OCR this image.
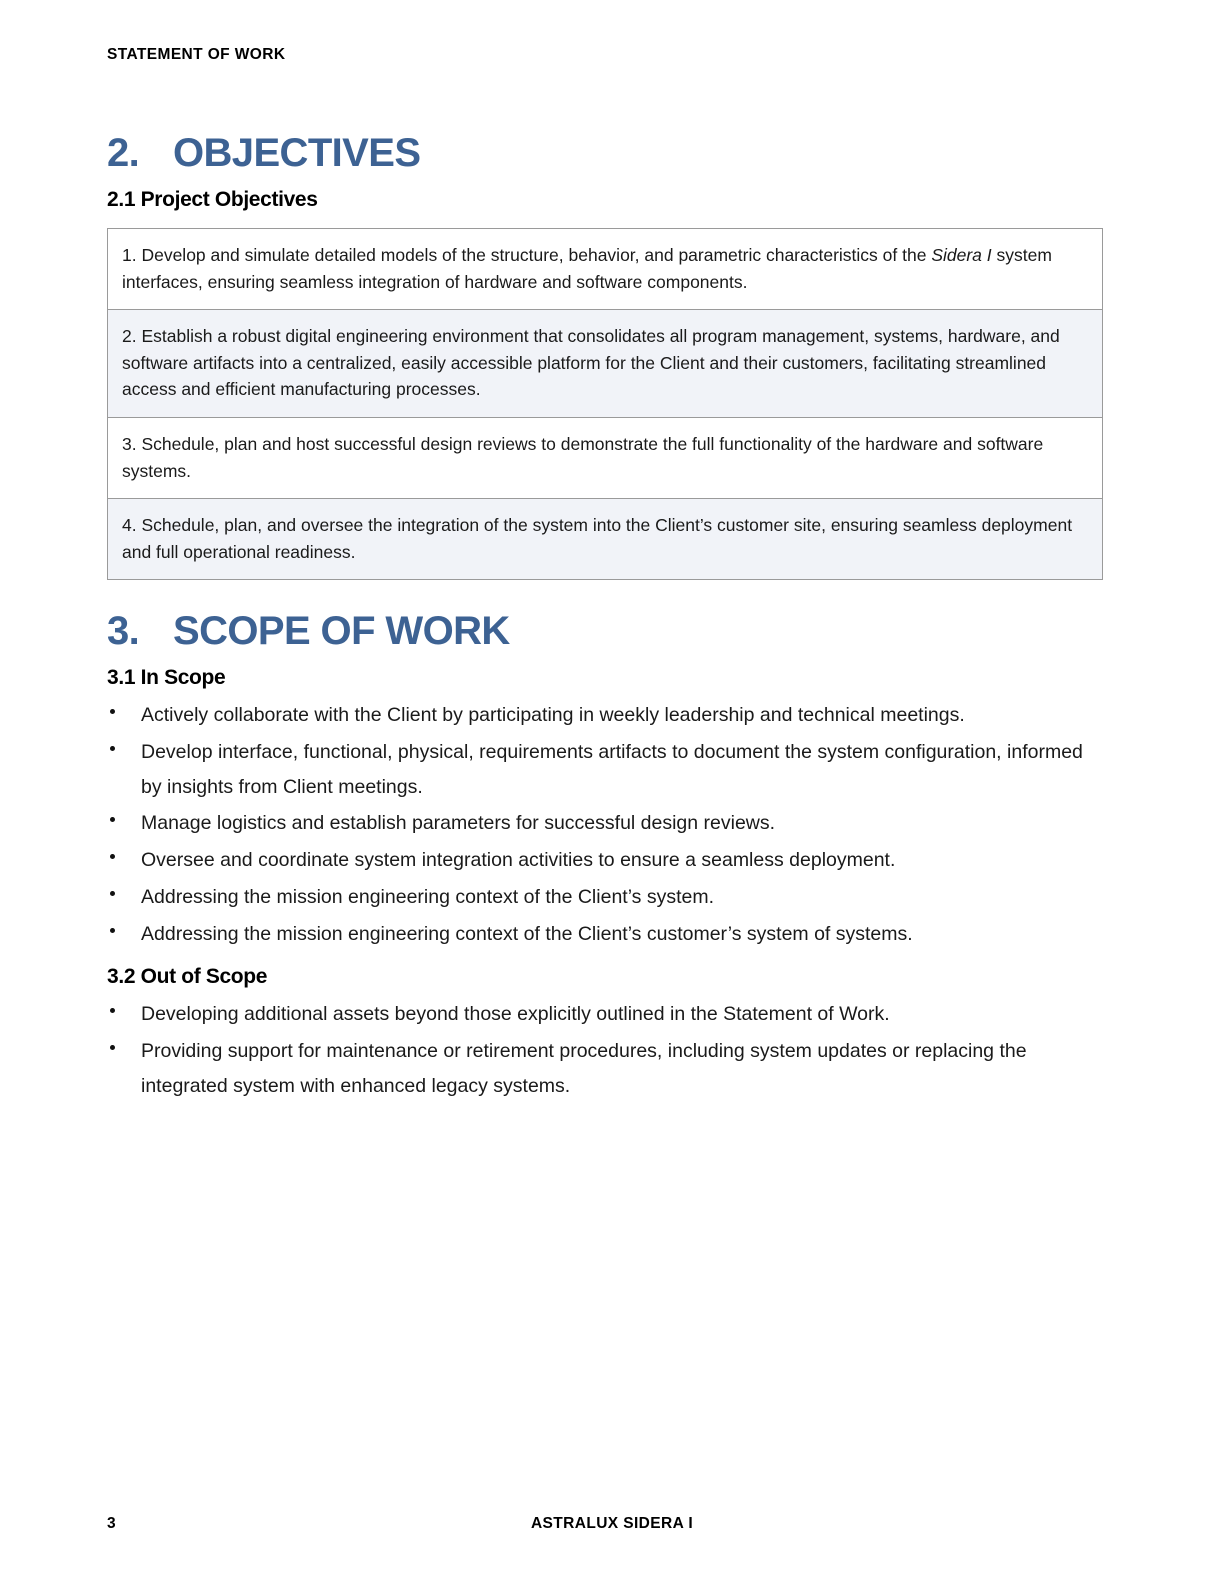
STATEMENT OF WORK
2. OBJECTIVES
2.1 Project Objectives
1. Develop and simulate detailed models of the structure, behavior, and parametric characteristics of the Sidera I system interfaces, ensuring seamless integration of hardware and software components.
2. Establish a robust digital engineering environment that consolidates all program management, systems, hardware, and software artifacts into a centralized, easily accessible platform for the Client and their customers, facilitating streamlined access and efficient manufacturing processes.
3. Schedule, plan and host successful design reviews to demonstrate the full functionality of the hardware and software systems.
4. Schedule, plan, and oversee the integration of the system into the Client’s customer site, ensuring seamless deployment and full operational readiness.
3. SCOPE OF WORK
3.1 In Scope
Actively collaborate with the Client by participating in weekly leadership and technical meetings.
Develop interface, functional, physical, requirements artifacts to document the system configuration, informed by insights from Client meetings.
Manage logistics and establish parameters for successful design reviews.
Oversee and coordinate system integration activities to ensure a seamless deployment.
Addressing the mission engineering context of the Client’s system.
Addressing the mission engineering context of the Client’s customer’s system of systems.
3.2 Out of Scope
Developing additional assets beyond those explicitly outlined in the Statement of Work.
Providing support for maintenance or retirement procedures, including system updates or replacing the integrated system with enhanced legacy systems.
3	ASTRALUX SIDERA I
